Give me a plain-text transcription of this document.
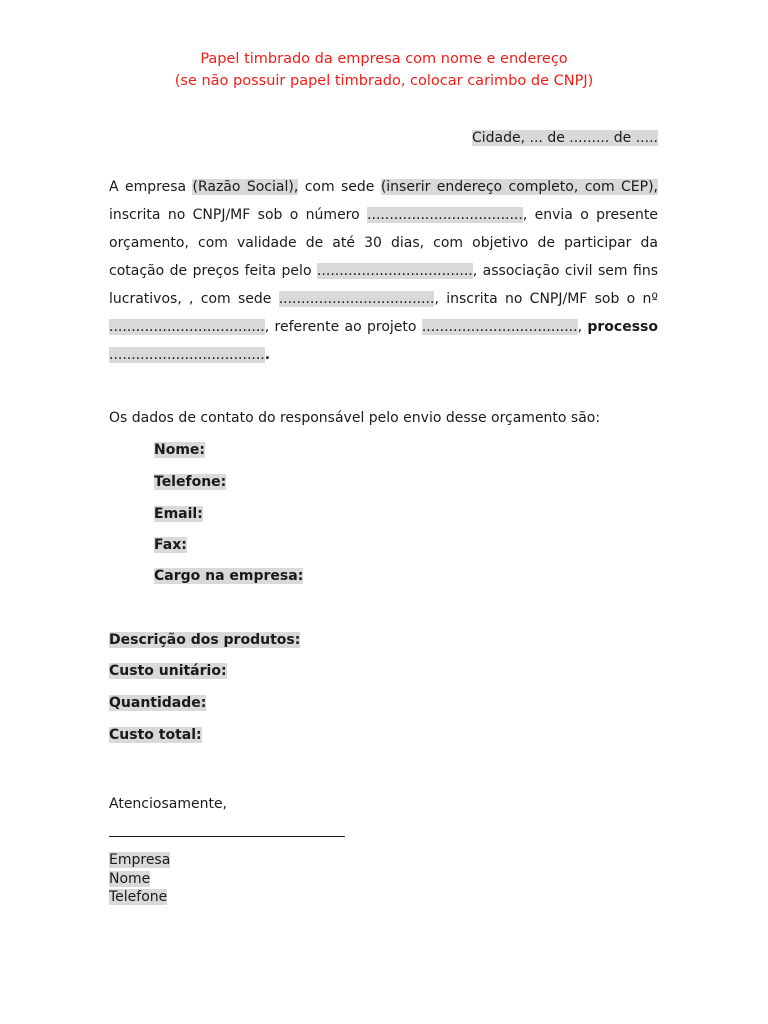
Papel timbrado da empresa com nome e endereço
(se não possuir papel timbrado, colocar carimbo de CNPJ)
Cidade, ... de ......... de .....

A empresa (Razão Social), com sede (inserir endereço completo, com CEP), inscrita no CNPJ/MF sob o número ..................................., envia o presente orçamento, com validade de até 30 dias, com objetivo de participar da cotação de preços feita pelo ..................................., associação civil sem fins lucrativos, , com sede ..................................., inscrita no CNPJ/MF sob o nº ..................................., referente ao projeto ..................................., processo ....................................

Os dados de contato do responsável pelo envio desse orçamento são:
Nome:
Telefone:
Email:
Fax:
Cargo na empresa:
Descrição dos produtos:
Custo unitário:
Quantidade:
Custo total:
Atenciosamente,
Empresa
Nome
Telefone
